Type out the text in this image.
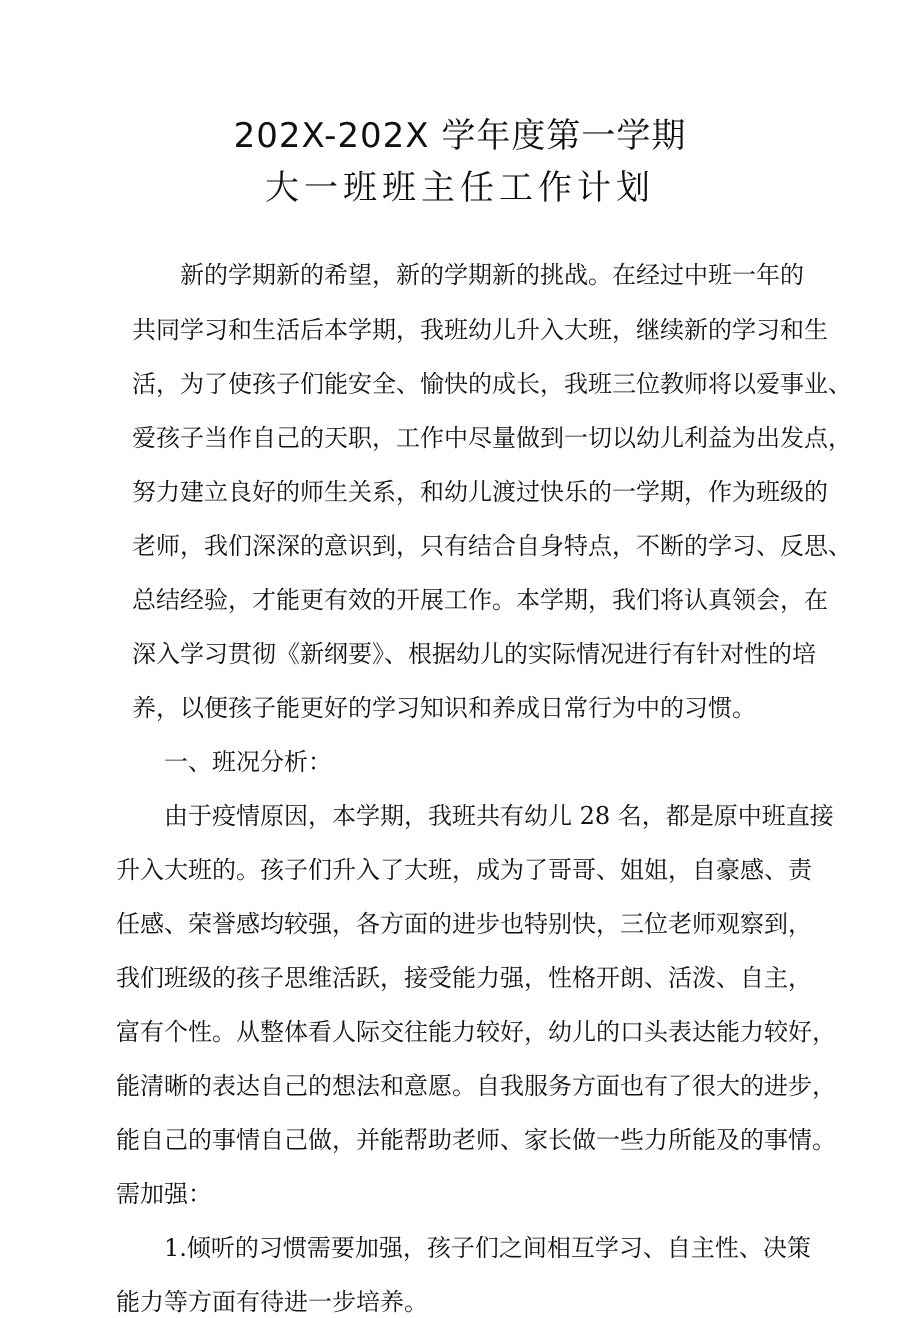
202X-202X 学年度第一学期
大一班班主任工作计划
新的学期新的希望，新的学期新的挑战。在经过中班一年的
共同学习和生活后本学期，我班幼儿升入大班，继续新的学习和生
活，为了使孩子们能安全、愉快的成长，我班三位教师将以爱事业、
爱孩子当作自己的天职，工作中尽量做到一切以幼儿利益为出发点，
努力建立良好的师生关系，和幼儿渡过快乐的一学期，作为班级的
老师，我们深深的意识到，只有结合自身特点，不断的学习、反思、
总结经验，才能更有效的开展工作。本学期，我们将认真领会，在
深入学习贯彻《新纲要》、根据幼儿的实际情况进行有针对性的培
养，以便孩子能更好的学习知识和养成日常行为中的习惯。
一、班况分析：
由于疫情原因，本学期，我班共有幼儿 28 名，都是原中班直接
升入大班的。孩子们升入了大班，成为了哥哥、姐姐，自豪感、责
任感、荣誉感均较强，各方面的进步也特别快，三位老师观察到，
我们班级的孩子思维活跃，接受能力强，性格开朗、活泼、自主，
富有个性。从整体看人际交往能力较好，幼儿的口头表达能力较好，
能清晰的表达自己的想法和意愿。自我服务方面也有了很大的进步，
能自己的事情自己做，并能帮助老师、家长做一些力所能及的事情。
需加强：
1.倾听的习惯需要加强，孩子们之间相互学习、自主性、决策
能力等方面有待进一步培养。
